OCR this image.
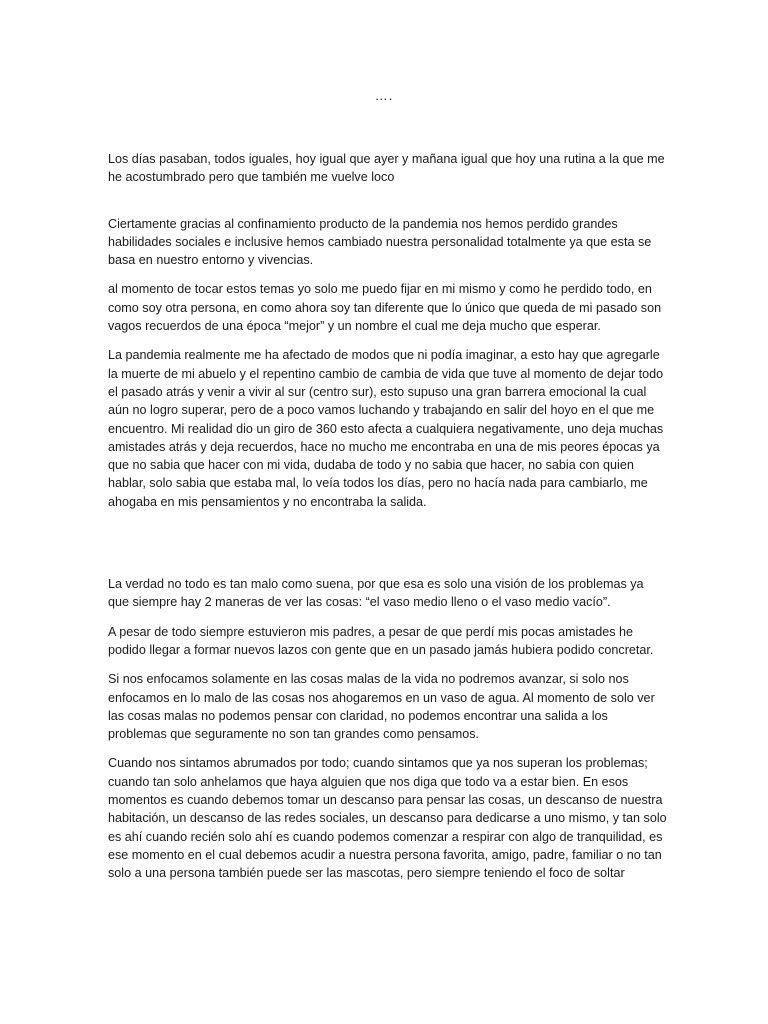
….

Los días pasaban, todos iguales, hoy igual que ayer y mañana igual que hoy una rutina a la que me he acostumbrado pero que también me vuelve loco

Ciertamente gracias al confinamiento producto de la pandemia nos hemos perdido grandes habilidades sociales e inclusive hemos cambiado nuestra personalidad totalmente ya que esta se basa en nuestro entorno y vivencias.

al momento de tocar estos temas yo solo me puedo fijar en mi mismo y como he perdido todo, en como soy otra persona, en como ahora soy tan diferente que lo único que queda de mi pasado son vagos recuerdos de una época “mejor” y un nombre el cual me deja mucho que esperar.

La pandemia realmente me ha afectado de modos que ni podía imaginar, a esto hay que agregarle la muerte de mi abuelo y el repentino cambio de cambia de vida que tuve al momento de dejar todo el pasado atrás y venir a vivir al sur (centro sur), esto supuso una gran barrera emocional la cual aún no logro superar, pero de a poco vamos luchando y trabajando en salir del hoyo en el que me encuentro. Mi realidad dio un giro de 360 esto afecta a cualquiera negativamente, uno deja muchas amistades atrás y deja recuerdos, hace no mucho me encontraba en una de mis peores épocas ya que no sabia que hacer con mi vida, dudaba de todo y no sabia que hacer, no sabia con quien hablar, solo sabia que estaba mal, lo veía todos los días, pero no hacía nada para cambiarlo, me ahogaba en mis pensamientos y no encontraba la salida.

La verdad no todo es tan malo como suena, por que esa es solo una visión de los problemas ya que siempre hay 2 maneras de ver las cosas: “el vaso medio lleno o el vaso medio vacío”.

A pesar de todo siempre estuvieron mis padres, a pesar de que perdí mis pocas amistades he podido llegar a formar nuevos lazos con gente que en un pasado jamás hubiera podido concretar.

Si nos enfocamos solamente en las cosas malas de la vida no podremos avanzar, si solo nos enfocamos en lo malo de las cosas nos ahogaremos en un vaso de agua. Al momento de solo ver las cosas malas no podemos pensar con claridad, no podemos encontrar una salida a los problemas que seguramente no son tan grandes como pensamos.

Cuando nos sintamos abrumados por todo; cuando sintamos que ya nos superan los problemas; cuando tan solo anhelamos que haya alguien que nos diga que todo va a estar bien. En esos momentos es cuando debemos tomar un descanso para pensar las cosas, un descanso de nuestra habitación, un descanso de las redes sociales, un descanso para dedicarse a uno mismo, y tan solo es ahí cuando recién solo ahí es cuando podemos comenzar a respirar con algo de tranquilidad, es ese momento en el cual debemos acudir a nuestra persona favorita, amigo, padre, familiar o no tan solo a una persona también puede ser las mascotas, pero siempre teniendo el foco de soltar
